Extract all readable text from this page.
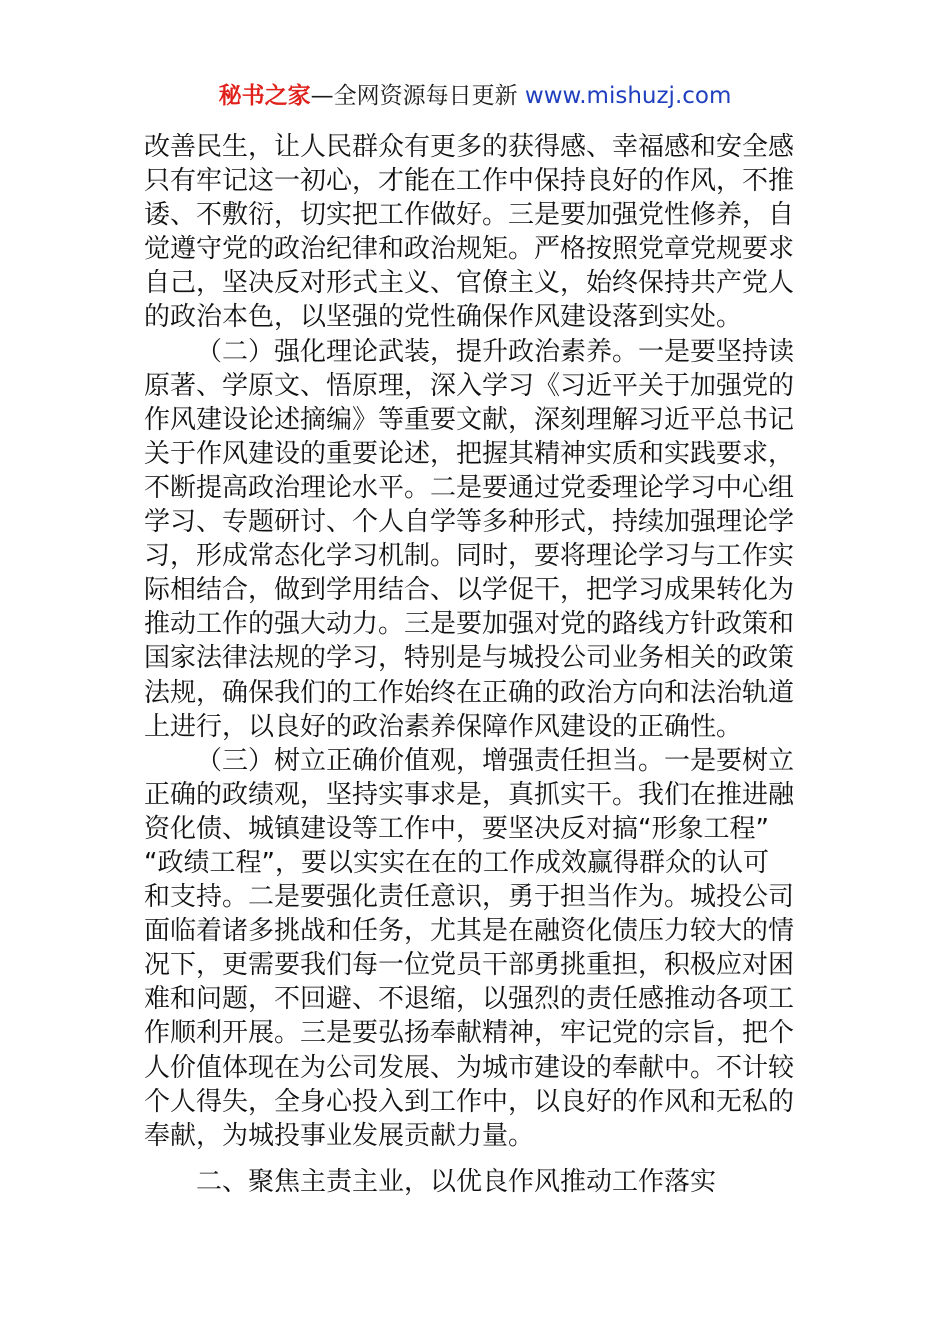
秘书之家—全网资源每日更新 www.mishuzj.com
改善民生，让人民群众有更多的获得感、幸福感和安全感
只有牢记这一初心，才能在工作中保持良好的作风，不推
诿、不敷衍，切实把工作做好。三是要加强党性修养，自
觉遵守党的政治纪律和政治规矩。严格按照党章党规要求
自己，坚决反对形式主义、官僚主义，始终保持共产党人
的政治本色，以坚强的党性确保作风建设落到实处。
（二）强化理论武装，提升政治素养。一是要坚持读
原著、学原文、悟原理，深入学习《习近平关于加强党的
作风建设论述摘编》等重要文献，深刻理解习近平总书记
关于作风建设的重要论述，把握其精神实质和实践要求，
不断提高政治理论水平。二是要通过党委理论学习中心组
学习、专题研讨、个人自学等多种形式，持续加强理论学
习，形成常态化学习机制。同时，要将理论学习与工作实
际相结合，做到学用结合、以学促干，把学习成果转化为
推动工作的强大动力。三是要加强对党的路线方针政策和
国家法律法规的学习，特别是与城投公司业务相关的政策
法规，确保我们的工作始终在正确的政治方向和法治轨道
上进行，以良好的政治素养保障作风建设的正确性。
（三）树立正确价值观，增强责任担当。一是要树立
正确的政绩观，坚持实事求是，真抓实干。我们在推进融
资化债、城镇建设等工作中，要坚决反对搞“形象工程”
“政绩工程”，要以实实在在的工作成效赢得群众的认可
和支持。二是要强化责任意识，勇于担当作为。城投公司
面临着诸多挑战和任务，尤其是在融资化债压力较大的情
况下，更需要我们每一位党员干部勇挑重担，积极应对困
难和问题，不回避、不退缩，以强烈的责任感推动各项工
作顺利开展。三是要弘扬奉献精神，牢记党的宗旨，把个
人价值体现在为公司发展、为城市建设的奉献中。不计较
个人得失，全身心投入到工作中，以良好的作风和无私的
奉献，为城投事业发展贡献力量。
二、聚焦主责主业，以优良作风推动工作落实
